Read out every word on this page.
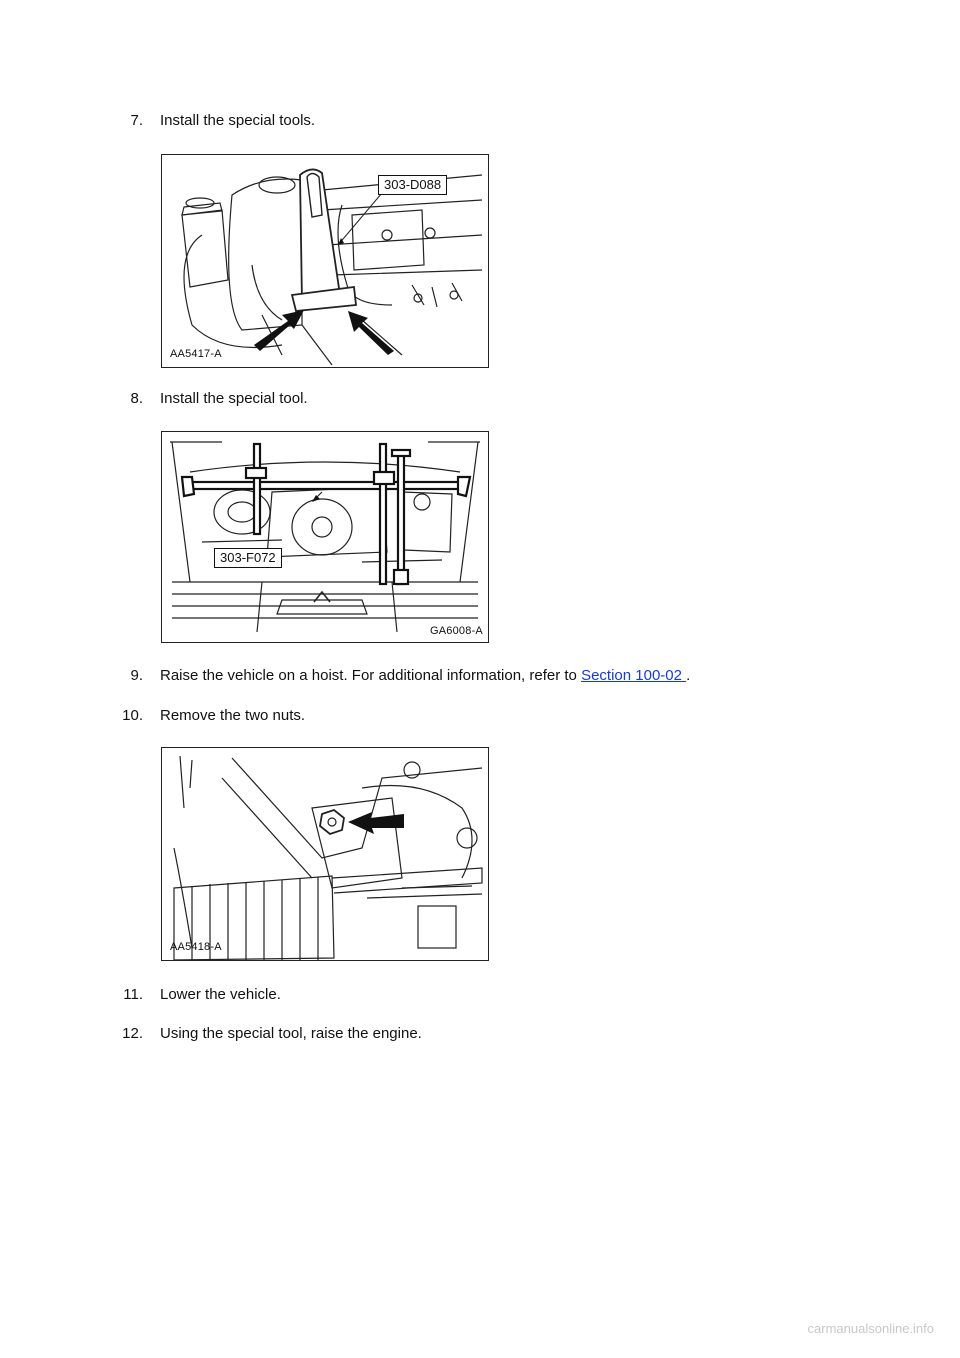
7. Install the special tools.
303-D088
AA5417-A
8. Install the special tool.
303-F072
GA6008-A
9. Raise the vehicle on a hoist. For additional information, refer to Section 100-02 .
10. Remove the two nuts.
AA5418-A
11. Lower the vehicle.
12. Using the special tool, raise the engine.
carmanualsonline.info
